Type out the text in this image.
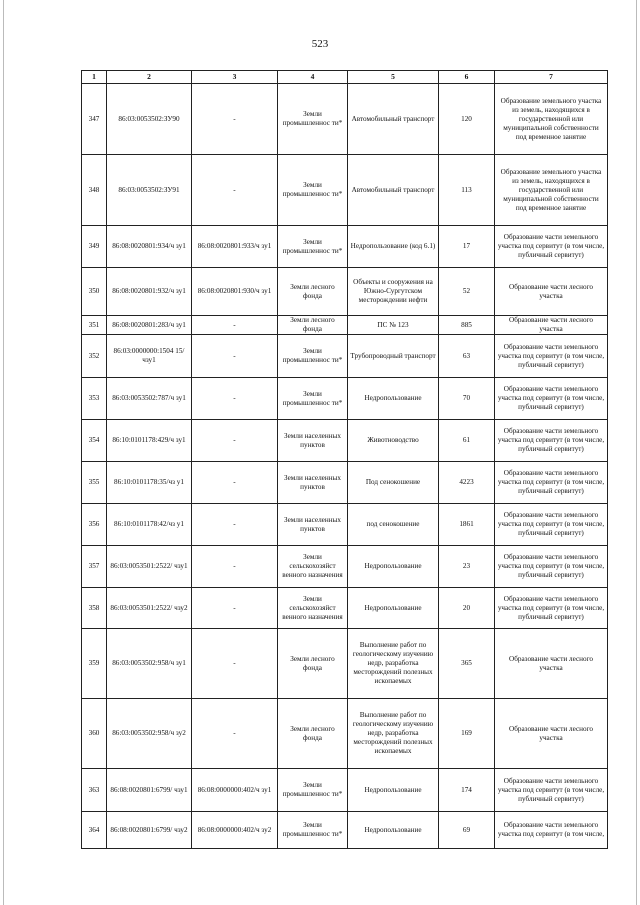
523
1	2	3	4	5	6	7
347	86:03:0053502:ЗУ90	-	Земли промышленнос ти*	Автомобильный транспорт	120	Образование земельного участка из земель, находящихся в государственной или муниципальной собственности под временное занятие
348	86:03:0053502:ЗУ91	-	Земли промышленнос ти*	Автомобильный транспорт	113	Образование земельного участка из земель, находящихся в государственной или муниципальной собственности под временное занятие
349	86:08:0020801:934/ч зу1	86:08:0020801:933/ч зу1	Земли промышленнос ти*	Недропользование (код 6.1)	17	Образование части земельного участка под сервитут (в том числе, публичный сервитут)
350	86:08:0020801:932/ч зу1	86:08:0020801:930/ч зу1	Земли лесного фонда	Объекты и сооружения на Южно-Сургутском месторождении нефти	52	Образование части лесного участка
351	86:08:0020801:283/ч зу1	-	Земли лесного фонда	ПС № 123	885	Образование части лесного участка
352	86:03:0000000:1504 15/чзу1	-	Земли промышленнос ти*	Трубопроводный транспорт	63	Образование части земельного участка под сервитут (в том числе, публичный сервитут)
353	86:03:0053502:787/ч зу1	-	Земли промышленнос ти*	Недропользование	70	Образование части земельного участка под сервитут (в том числе, публичный сервитут)
354	86:10:0101178:429/ч зу1	-	Земли населенных пунктов	Животноводство	61	Образование части земельного участка под сервитут (в том числе, публичный сервитут)
355	86:10:0101178:35/чз у1	-	Земли населенных пунктов	Под сенокошение	4223	Образование части земельного участка под сервитут (в том числе, публичный сервитут)
356	86:10:0101178:42/чз у1	-	Земли населенных пунктов	под сенокошение	1861	Образование части земельного участка под сервитут (в том числе, публичный сервитут)
357	86:03:0053501:2522/ чзу1	-	Земли сельскохозяйст венного назначения	Недропользование	23	Образование части земельного участка под сервитут (в том числе, публичный сервитут)
358	86:03:0053501:2522/ чзу2	-	Земли сельскохозяйст венного назначения	Недропользование	20	Образование части земельного участка под сервитут (в том числе, публичный сервитут)
359	86:03:0053502:958/ч зу1	-	Земли лесного фонда	Выполнение работ по геологическому изучению недр, разработка месторождений полезных ископаемых	365	Образование части лесного участка
360	86:03:0053502:958/ч зу2	-	Земли лесного фонда	Выполнение работ по геологическому изучению недр, разработка месторождений полезных ископаемых	169	Образование части лесного участка
363	86:08:0020801:6799/ чзу1	86:08:0000000:402/ч зу1	Земли промышленнос ти*	Недропользование	174	Образование части земельного участка под сервитут (в том числе, публичный сервитут)
364	86:08:0020801:6799/ чзу2	86:08:0000000:402/ч зу2	Земли промышленнос ти*	Недропользование	69	Образование части земельного участка под сервитут (в том числе,
